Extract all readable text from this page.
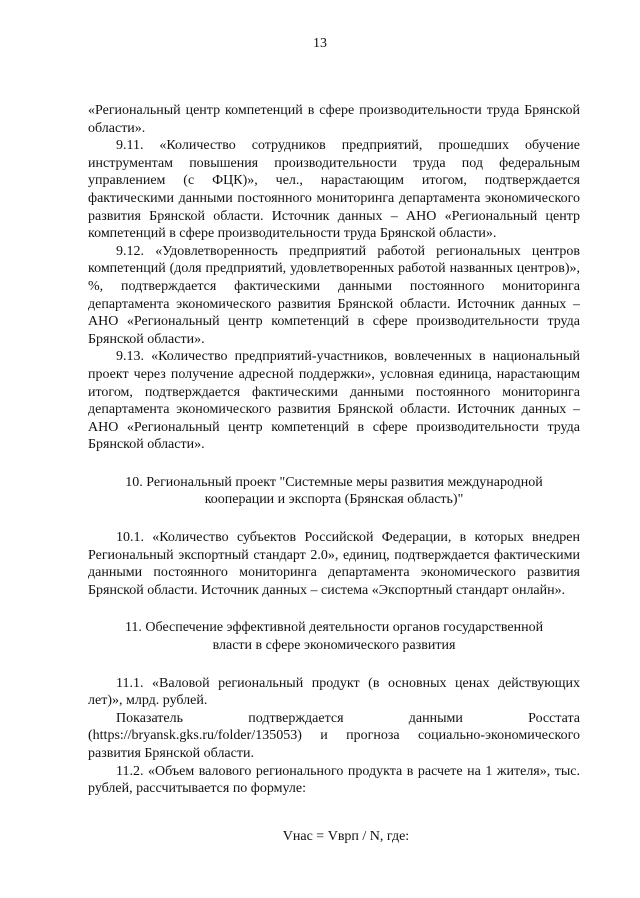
13

«Региональный центр компетенций в сфере производительности труда Брянской области».

9.11. «Количество сотрудников предприятий, прошедших обучение инструментам повышения производительности труда под федеральным управлением (с ФЦК)», чел., нарастающим итогом, подтверждается фактическими данными постоянного мониторинга департамента экономического развития Брянской области. Источник данных – АНО «Региональный центр компетенций в сфере производительности труда Брянской области».

9.12. «Удовлетворенность предприятий работой региональных центров компетенций (доля предприятий, удовлетворенных работой названных центров)», %, подтверждается фактическими данными постоянного мониторинга департамента экономического развития Брянской области. Источник данных – АНО «Региональный центр компетенций в сфере производительности труда Брянской области».

9.13. «Количество предприятий-участников, вовлеченных в национальный проект через получение адресной поддержки», условная единица, нарастающим итогом, подтверждается фактическими данными постоянного мониторинга департамента экономического развития Брянской области. Источник данных – АНО «Региональный центр компетенций в сфере производительности труда Брянской области».

10. Региональный проект "Системные меры развития международной кооперации и экспорта (Брянская область)"

10.1. «Количество субъектов Российской Федерации, в которых внедрен Региональный экспортный стандарт 2.0», единиц, подтверждается фактическими данными постоянного мониторинга департамента экономического развития Брянской области. Источник данных – система «Экспортный стандарт онлайн».

11. Обеспечение эффективной деятельности органов государственной власти в сфере экономического развития

11.1. «Валовой региональный продукт (в основных ценах действующих лет)», млрд. рублей.

Показатель подтверждается данными Росстата (https://bryansk.gks.ru/folder/135053) и прогноза социально-экономического развития Брянской области.

11.2. «Объем валового регионального продукта в расчете на 1 жителя», тыс. рублей, рассчитывается по формуле:

Vнас = Vврп / N, где:
